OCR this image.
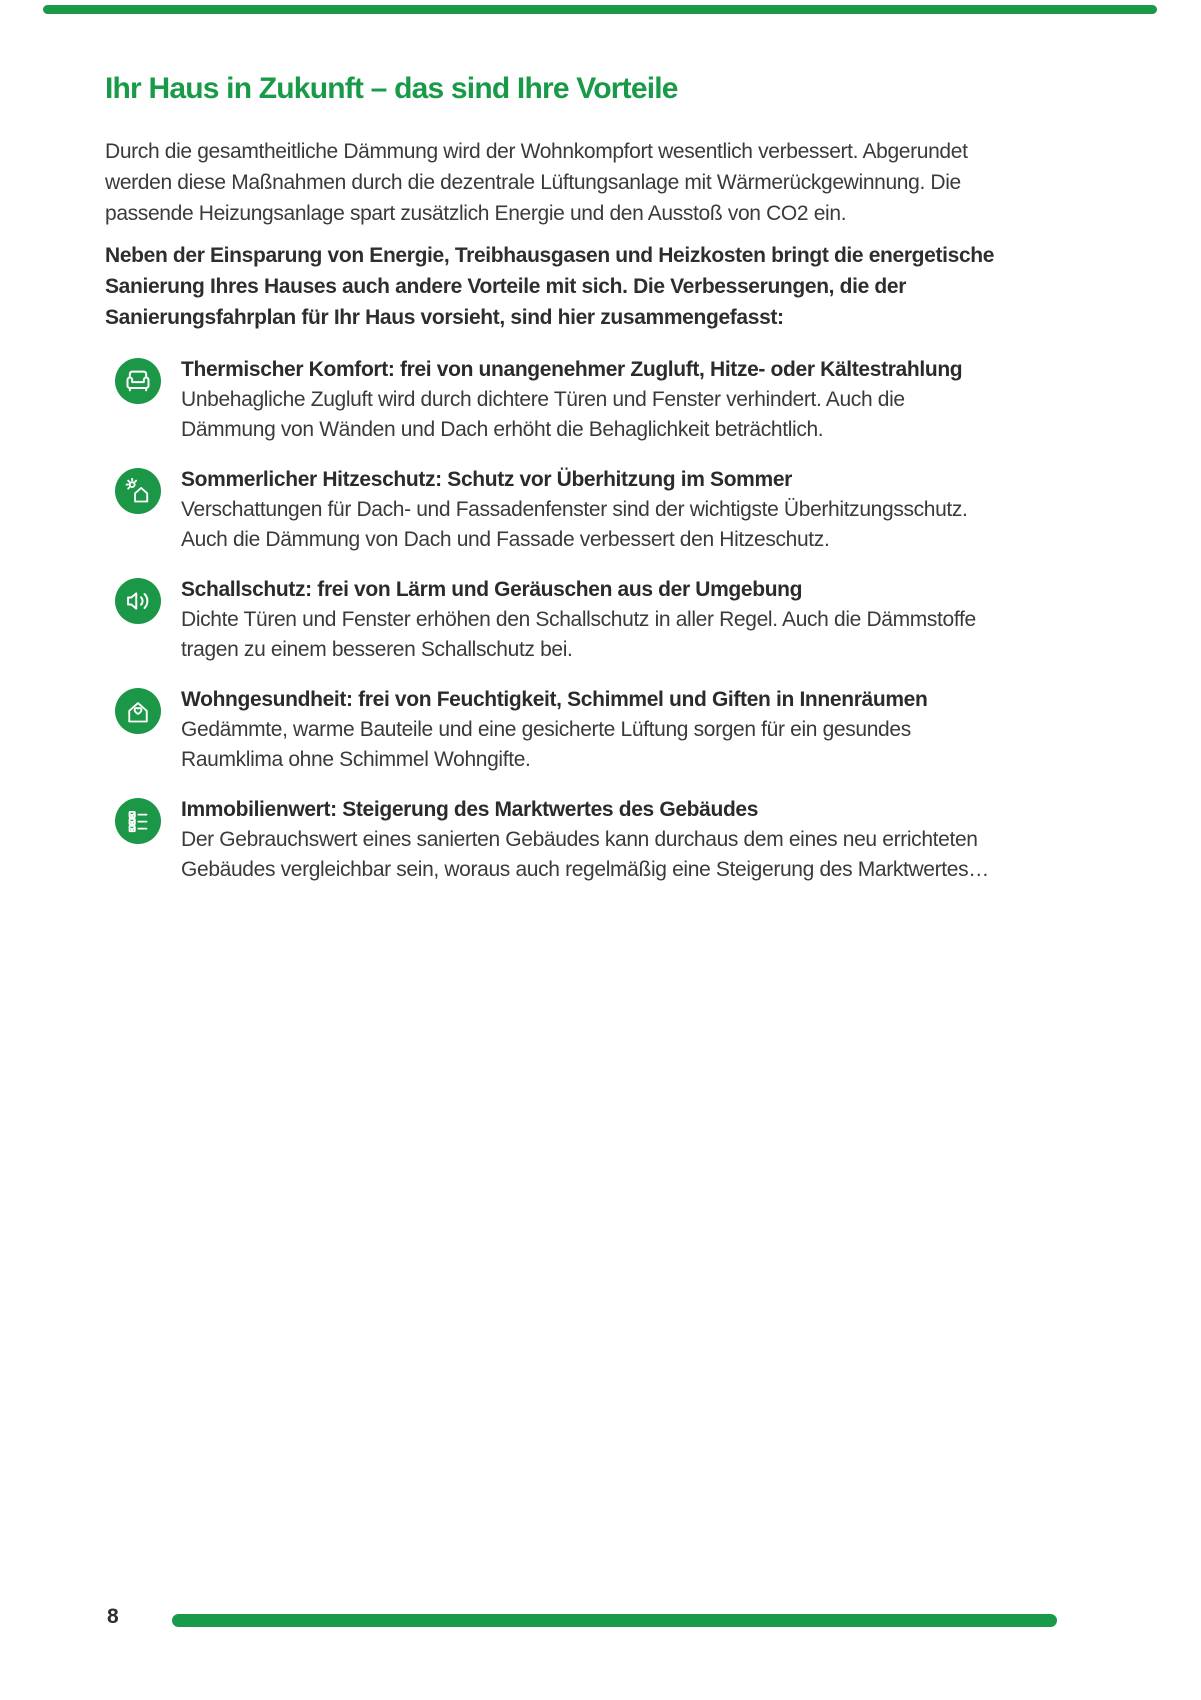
Ihr Haus in Zukunft – das sind Ihre Vorteile
Durch die gesamtheitliche Dämmung wird der Wohnkompfort wesentlich verbessert. Abgerundet
werden diese Maßnahmen durch die dezentrale Lüftungsanlage mit Wärmerückgewinnung. Die
passende Heizungsanlage spart zusätzlich Energie und den Ausstoß von CO2 ein.
Neben der Einsparung von Energie, Treibhausgasen und Heizkosten bringt die energetische
Sanierung Ihres Hauses auch andere Vorteile mit sich. Die Verbesserungen, die der
Sanierungsfahrplan für Ihr Haus vorsieht, sind hier zusammengefasst:
Thermischer Komfort: frei von unangenehmer Zugluft, Hitze- oder Kältestrahlung
Unbehagliche Zugluft wird durch dichtere Türen und Fenster verhindert. Auch die
Dämmung von Wänden und Dach erhöht die Behaglichkeit beträchtlich.
Sommerlicher Hitzeschutz: Schutz vor Überhitzung im Sommer
Verschattungen für Dach- und Fassadenfenster sind der wichtigste Überhitzungsschutz.
Auch die Dämmung von Dach und Fassade verbessert den Hitzeschutz.
Schallschutz: frei von Lärm und Geräuschen aus der Umgebung
Dichte Türen und Fenster erhöhen den Schallschutz in aller Regel. Auch die Dämmstoffe
tragen zu einem besseren Schallschutz bei.
Wohngesundheit: frei von Feuchtigkeit, Schimmel und Giften in Innenräumen
Gedämmte, warme Bauteile und eine gesicherte Lüftung sorgen für ein gesundes
Raumklima ohne Schimmel Wohngifte.
Immobilienwert: Steigerung des Marktwertes des Gebäudes
Der Gebrauchswert eines sanierten Gebäudes kann durchaus dem eines neu errichteten
Gebäudes vergleichbar sein, woraus auch regelmäßig eine Steigerung des Marktwertes…
8
